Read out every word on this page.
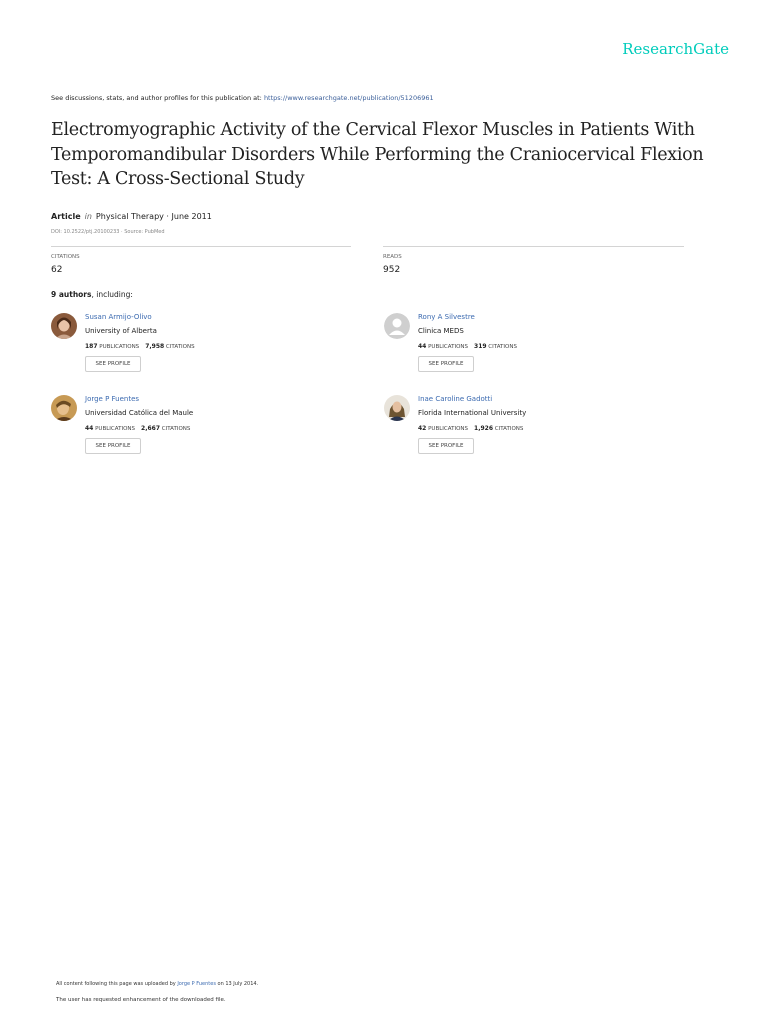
ResearchGate
See discussions, stats, and author profiles for this publication at: https://www.researchgate.net/publication/51206961
Electromyographic Activity of the Cervical Flexor Muscles in Patients With Temporomandibular Disorders While Performing the Craniocervical Flexion Test: A Cross-Sectional Study
Article in Physical Therapy · June 2011
DOI: 10.2522/ptj.20100233 · Source: PubMed
CITATIONS
62
READS
952
9 authors, including:
Susan Armijo-Olivo
University of Alberta
187 PUBLICATIONS 7,958 CITATIONS
SEE PROFILE
Rony A Silvestre
Clinica MEDS
44 PUBLICATIONS 319 CITATIONS
SEE PROFILE
Jorge P Fuentes
Universidad Católica del Maule
44 PUBLICATIONS 2,667 CITATIONS
SEE PROFILE
Inae Caroline Gadotti
Florida International University
42 PUBLICATIONS 1,926 CITATIONS
SEE PROFILE
All content following this page was uploaded by Jorge P Fuentes on 13 July 2014.
The user has requested enhancement of the downloaded file.
